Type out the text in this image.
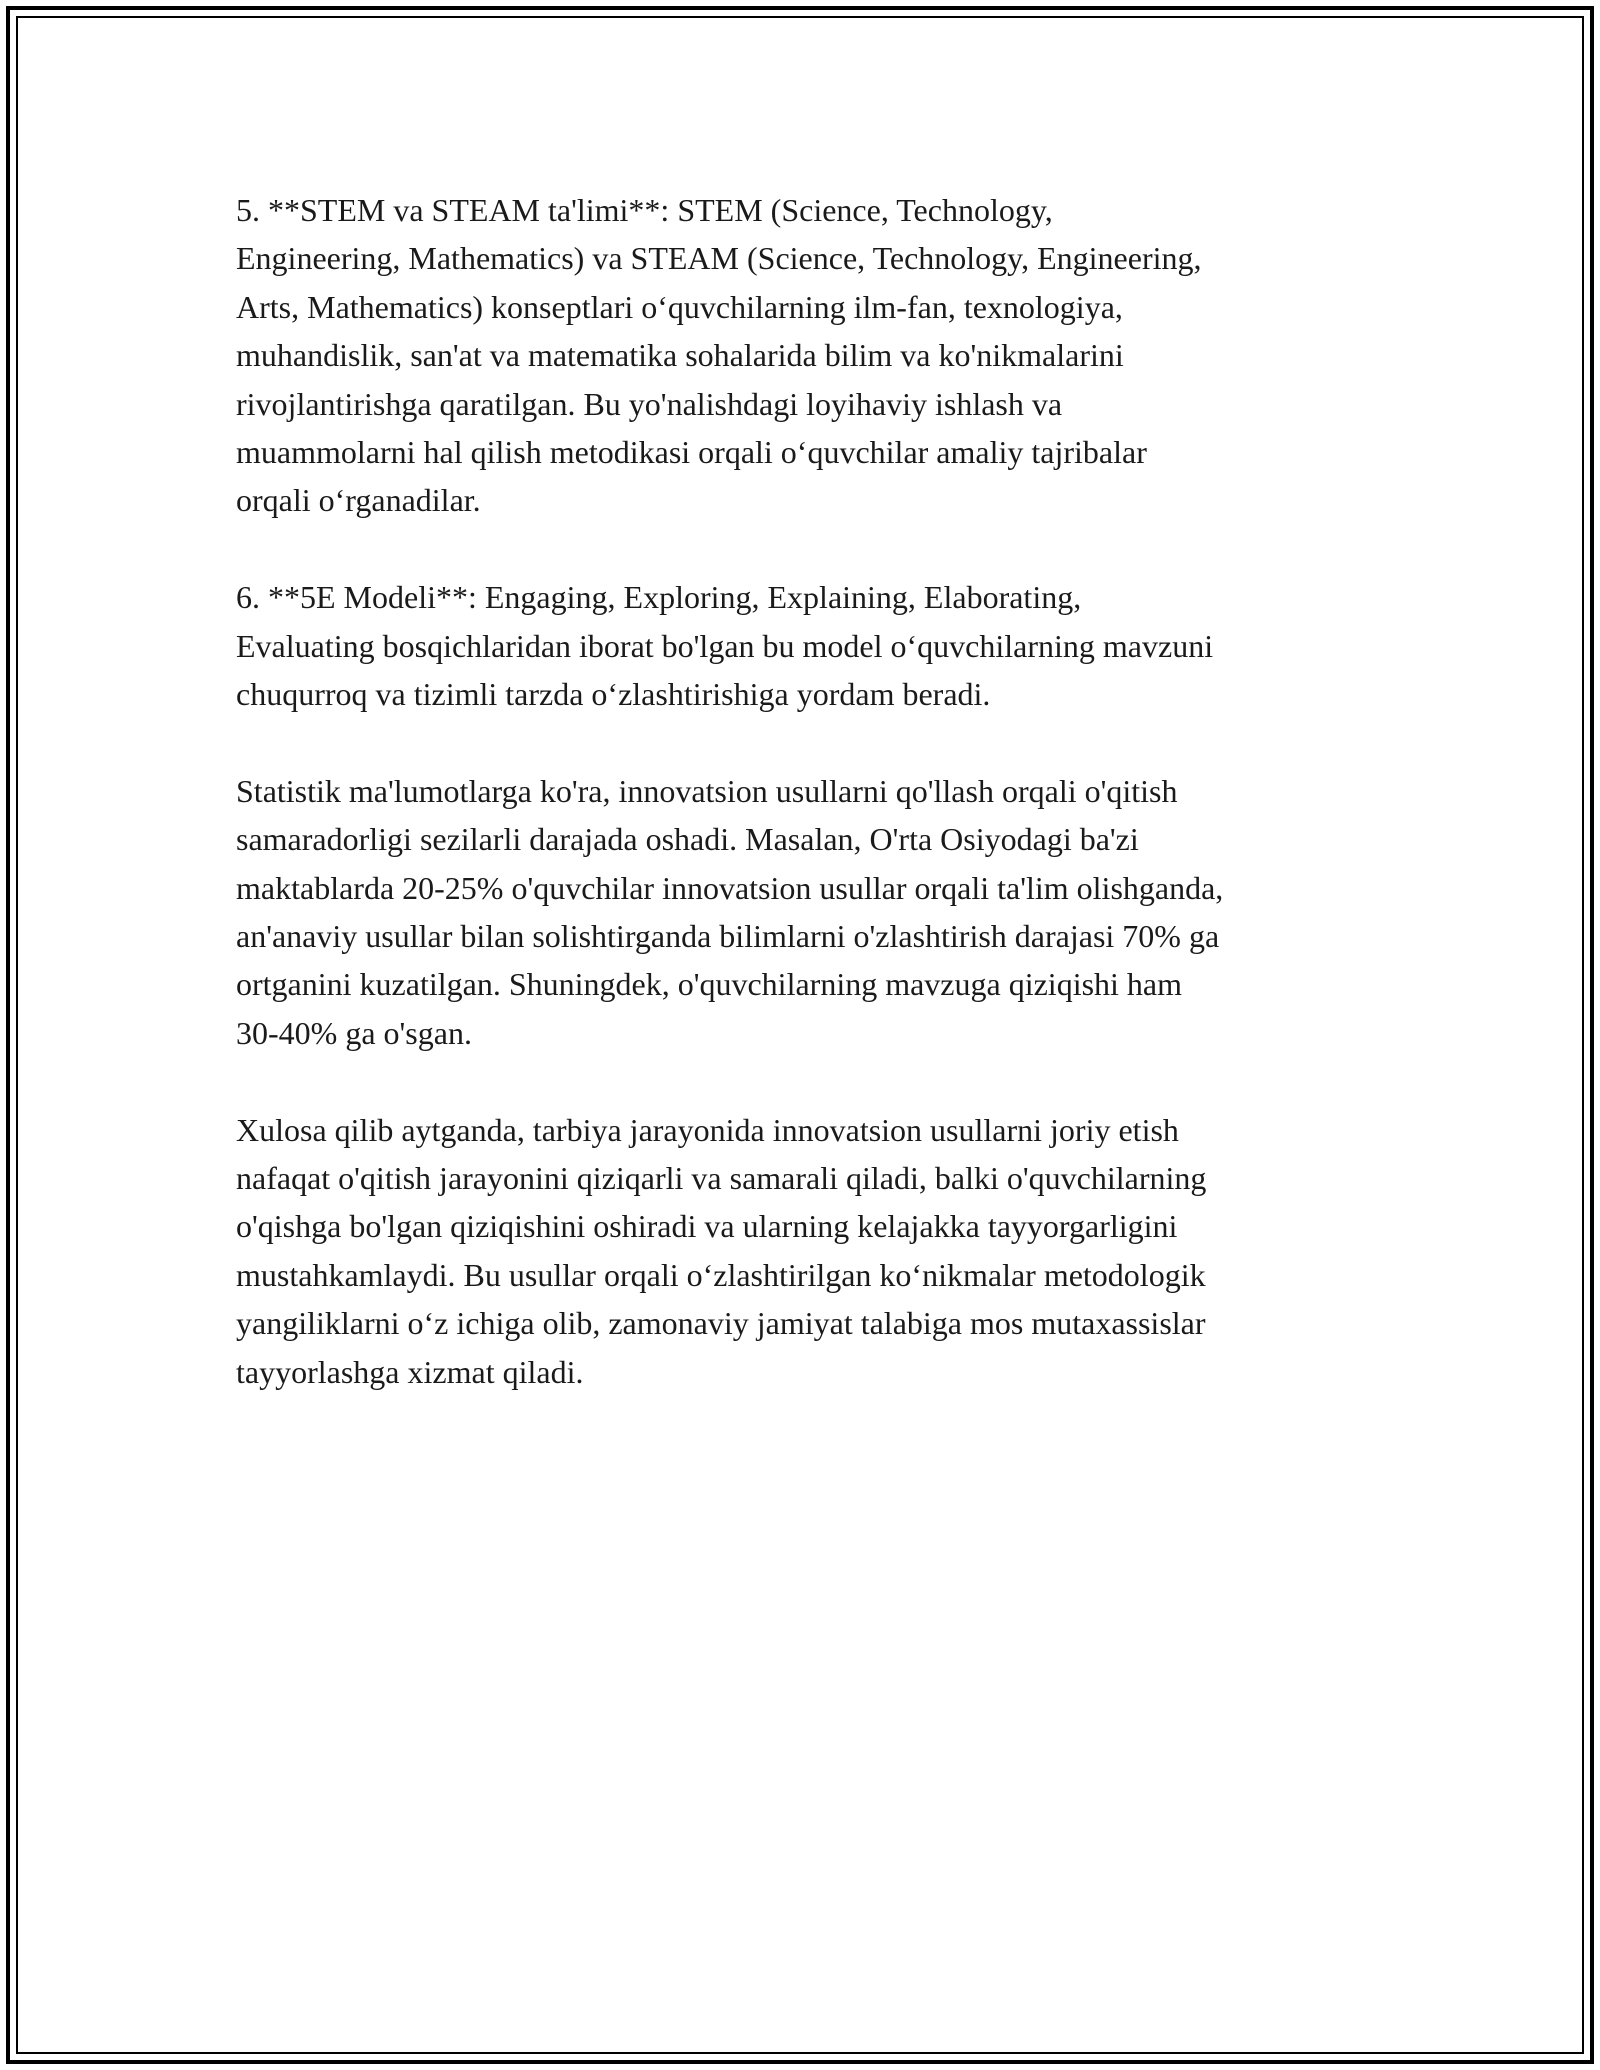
5. **STEM va STEAM ta'limi**: STEM (Science, Technology,
Engineering, Mathematics) va STEAM (Science, Technology, Engineering,
Arts, Mathematics) konseptlari o‘quvchilarning ilm-fan, texnologiya,
muhandislik, san'at va matematika sohalarida bilim va ko'nikmalarini
rivojlantirishga qaratilgan. Bu yo'nalishdagi loyihaviy ishlash va
muammolarni hal qilish metodikasi orqali o‘quvchilar amaliy tajribalar
orqali o‘rganadilar.

6. **5E Modeli**: Engaging, Exploring, Explaining, Elaborating,
Evaluating bosqichlaridan iborat bo'lgan bu model o‘quvchilarning mavzuni
chuqurroq va tizimli tarzda o‘zlashtirishiga yordam beradi.

Statistik ma'lumotlarga ko'ra, innovatsion usullarni qo'llash orqali o'qitish
samaradorligi sezilarli darajada oshadi. Masalan, O'rta Osiyodagi ba'zi
maktablarda 20-25% o'quvchilar innovatsion usullar orqali ta'lim olishganda,
an'anaviy usullar bilan solishtirganda bilimlarni o'zlashtirish darajasi 70% ga
ortganini kuzatilgan. Shuningdek, o'quvchilarning mavzuga qiziqishi ham
30-40% ga o'sgan.

Xulosa qilib aytganda, tarbiya jarayonida innovatsion usullarni joriy etish
nafaqat o'qitish jarayonini qiziqarli va samarali qiladi, balki o'quvchilarning
o'qishga bo'lgan qiziqishini oshiradi va ularning kelajakka tayyorgarligini
mustahkamlaydi. Bu usullar orqali o‘zlashtirilgan ko‘nikmalar metodologik
yangiliklarni o‘z ichiga olib, zamonaviy jamiyat talabiga mos mutaxassislar
tayyorlashga xizmat qiladi.
